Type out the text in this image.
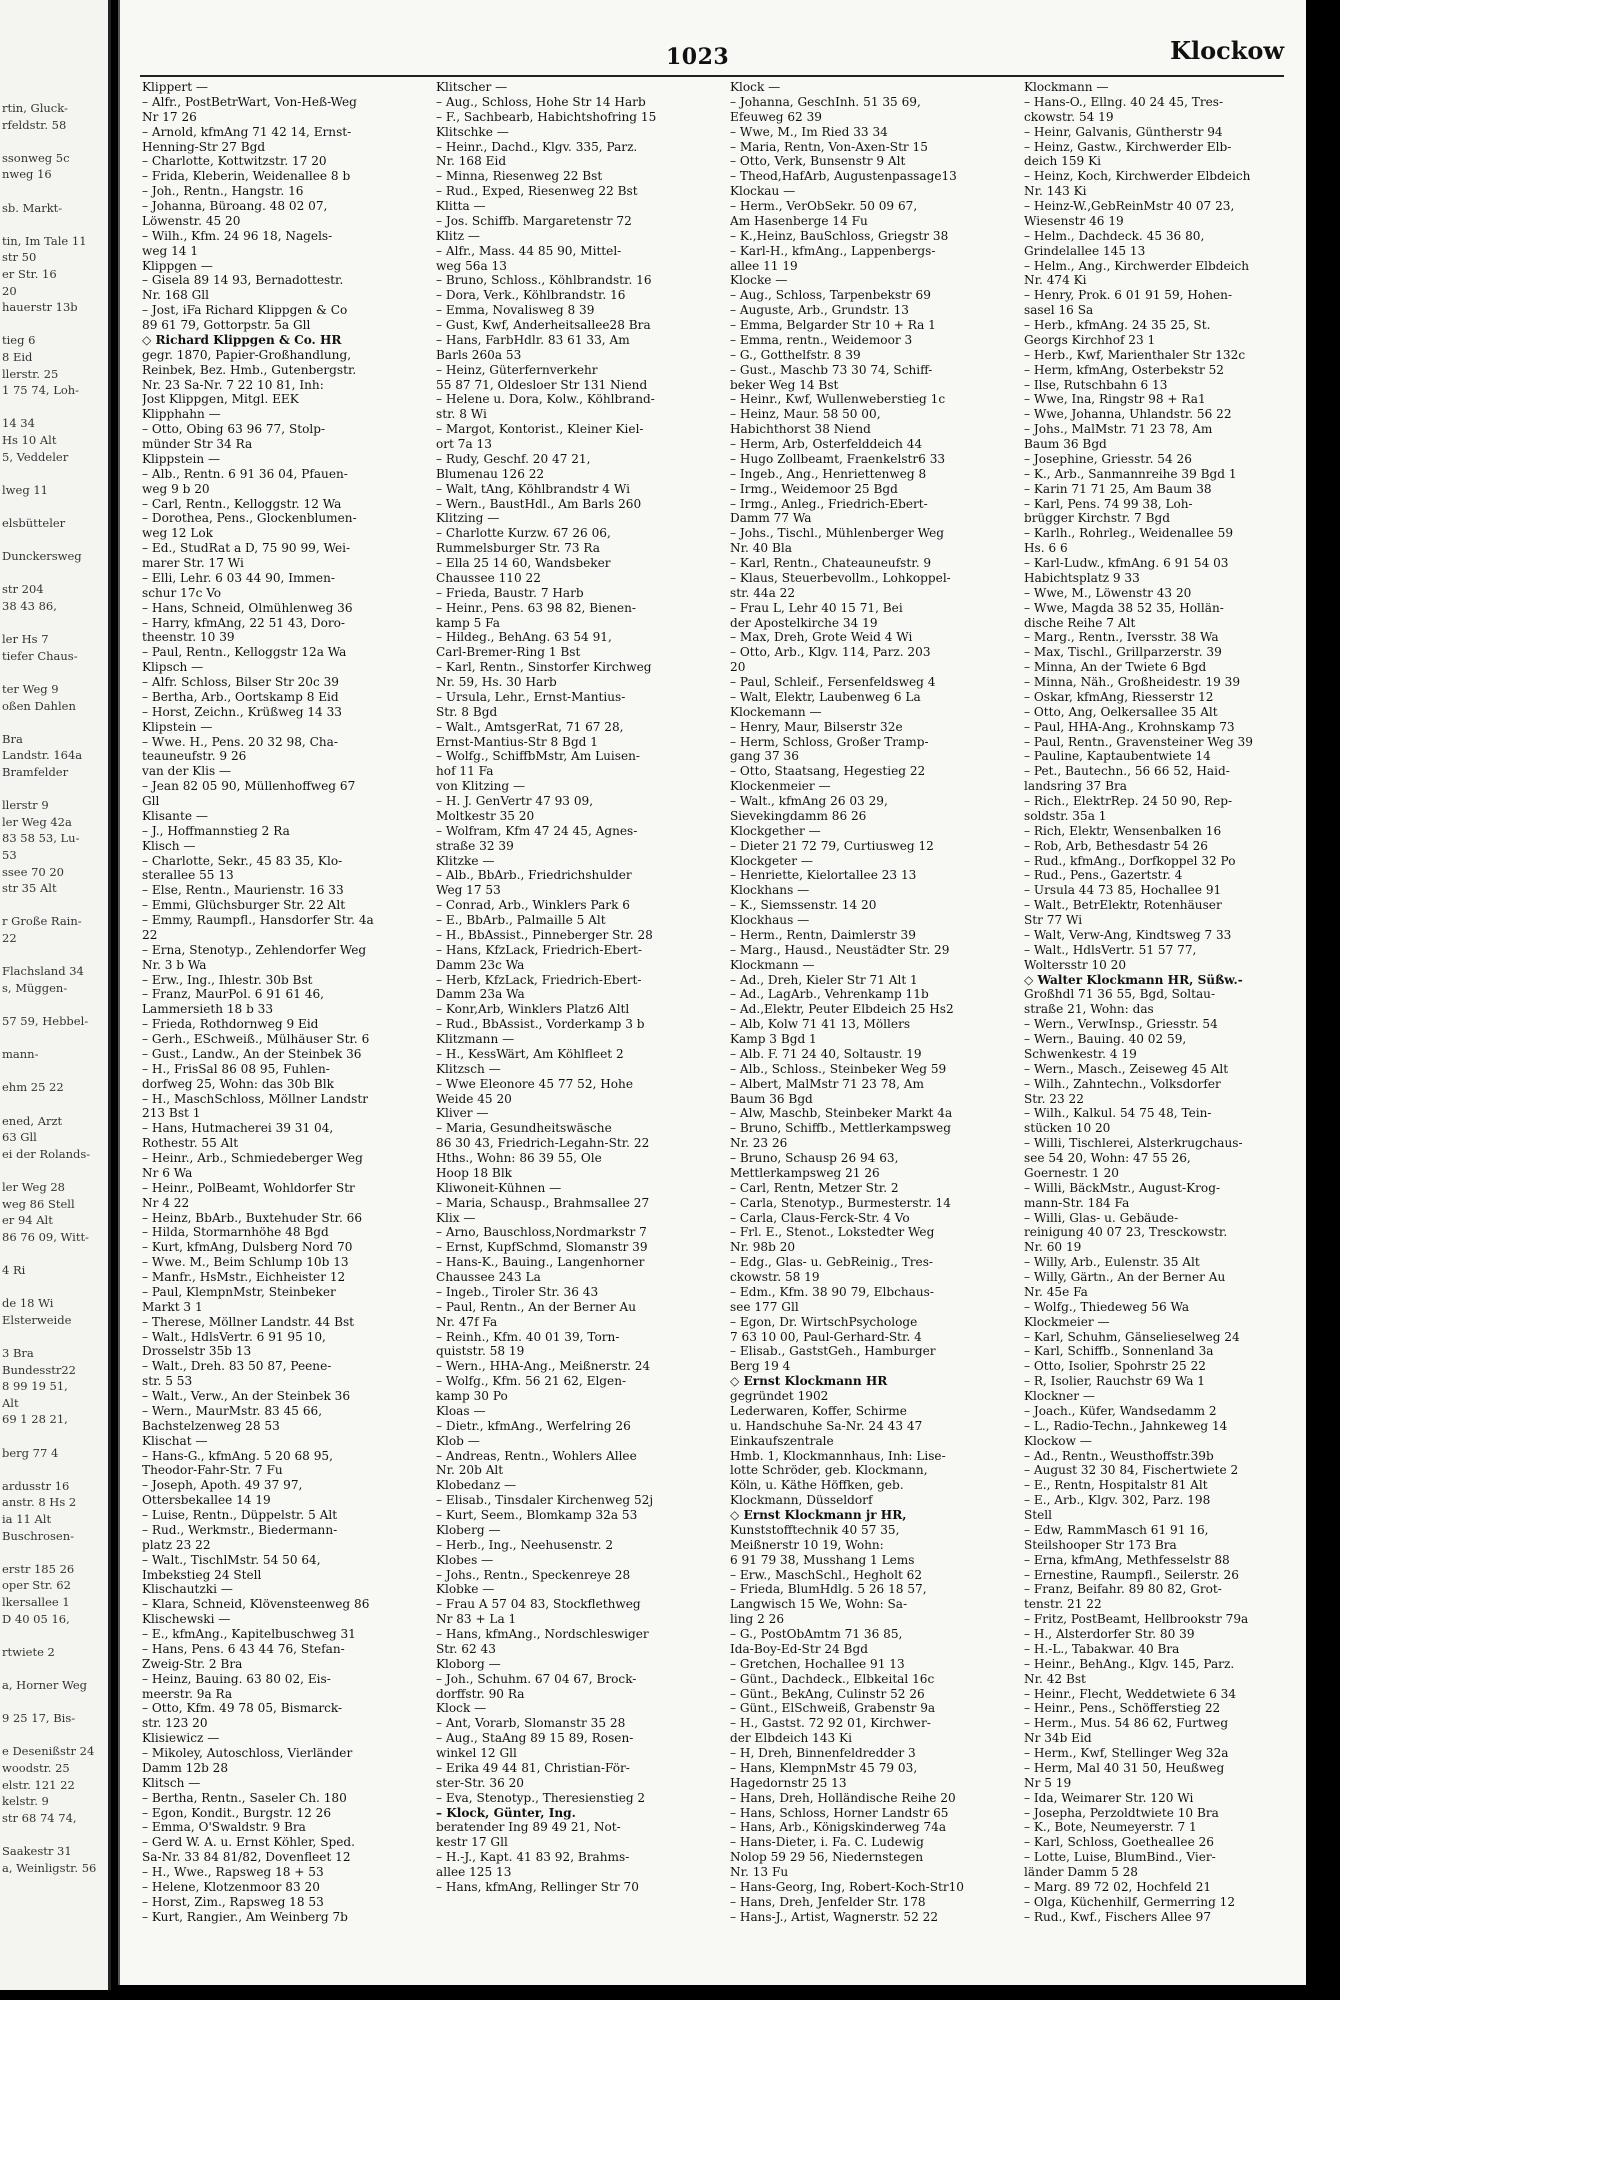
rtin, Gluck-
rfeldstr. 58
ssonweg 5c
nweg 16
sb. Markt-
tin, Im Tale 11
str 50
er Str. 16
20
hauerstr 13b
tieg 6
8 Eid
llerstr. 25
1 75 74, Loh-
14 34
Hs 10 Alt
5, Veddeler
lweg 11
elsbütteler
Dunckersweg
str 204
38 43 86,
ler Hs 7
tiefer Chaus-
ter Weg 9
oßen Dahlen
Bra
Landstr. 164a
Bramfelder
llerstr 9
ler Weg 42a
83 58 53, Lu-
53
ssee 70 20
str 35 Alt
r Große Rain-
22
Flachsland 34
s, Müggen-
57 59, Hebbel-
mann-
ehm 25 22
ened, Arzt
63 Gll
ei der Rolands-
ler Weg 28
weg 86 Stell
er 94 Alt
86 76 09, Witt-
4 Ri
de 18 Wi
Elsterweide
3 Bra
Bundesstr22
8 99 19 51,
Alt
69 1 28 21,
berg 77 4
ardusstr 16
anstr. 8 Hs 2
ia 11 Alt
Buschrosen-
erstr 185 26
oper Str. 62
lkersallee 1
D 40 05 16,
rtwiete 2
a, Horner Weg
9 25 17, Bis-
e Desenißstr 24
woodstr. 25
elstr. 121 22
kelstr. 9
str 68 74 74,
Saakestr 31
a, Weinligstr. 56
1023	Klockow
Klippert —
– Alfr., PostBetrWart, Von-Heß-Weg
Nr 17 26
– Arnold, kfmAng 71 42 14, Ernst-
Henning-Str 27 Bgd
– Charlotte, Kottwitzstr. 17 20
– Frida, Kleberin, Weidenallee 8 b
– Joh., Rentn., Hangstr. 16
– Johanna, Büroang. 48 02 07,
Löwenstr. 45 20
– Wilh., Kfm. 24 96 18, Nagels-
weg 14 1
Klippgen —
– Gisela 89 14 93, Bernadottestr.
Nr. 168 Gll
– Jost, iFa Richard Klippgen & Co
89 61 79, Gottorpstr. 5a Gll
◇ Richard Klippgen & Co. HR
gegr. 1870, Papier-Großhandlung,
Reinbek, Bez. Hmb., Gutenbergstr.
Nr. 23 Sa-Nr. 7 22 10 81, Inh:
Jost Klippgen, Mitgl. EEK
Klipphahn —
– Otto, Obing 63 96 77, Stolp-
münder Str 34 Ra
Klippstein —
– Alb., Rentn. 6 91 36 04, Pfauen-
weg 9 b 20
– Carl, Rentn., Kelloggstr. 12 Wa
– Dorothea, Pens., Glockenblumen-
weg 12 Lok
– Ed., StudRat a D, 75 90 99, Wei-
marer Str. 17 Wi
– Elli, Lehr. 6 03 44 90, Immen-
schur 17c Vo
– Hans, Schneid, Olmühlenweg 36
– Harry, kfmAng, 22 51 43, Doro-
theenstr. 10 39
– Paul, Rentn., Kelloggstr 12a Wa
Klipsch —
– Alfr. Schloss, Bilser Str 20c 39
– Bertha, Arb., Oortskamp 8 Eid
– Horst, Zeichn., Krüßweg 14 33
Klipstein —
– Wwe. H., Pens. 20 32 98, Cha-
teauneufstr. 9 26
van der Klis —
– Jean 82 05 90, Müllenhoffweg 67
Gll
Klisante —
– J., Hoffmannstieg 2 Ra
Klisch —
– Charlotte, Sekr., 45 83 35, Klo-
sterallee 55 13
– Else, Rentn., Maurienstr. 16 33
– Emmi, Glüchsburger Str. 22 Alt
– Emmy, Raumpfl., Hansdorfer Str. 4a
22
– Erna, Stenotyp., Zehlendorfer Weg
Nr. 3 b Wa
– Erw., Ing., Ihlestr. 30b Bst
– Franz, MaurPol. 6 91 61 46,
Lammersieth 18 b 33
– Frieda, Rothdornweg 9 Eid
– Gerh., ESchweiß., Mülhäuser Str. 6
– Gust., Landw., An der Steinbek 36
– H., FrisSal 86 08 95, Fuhlen-
dorfweg 25, Wohn: das 30b Blk
– H., MaschSchloss, Möllner Landstr
213 Bst 1
– Hans, Hutmacherei 39 31 04,
Rothestr. 55 Alt
– Heinr., Arb., Schmiedeberger Weg
Nr 6 Wa
– Heinr., PolBeamt, Wohldorfer Str
Nr 4 22
– Heinz, BbArb., Buxtehuder Str. 66
– Hilda, Stormarnhöhe 48 Bgd
– Kurt, kfmAng, Dulsberg Nord 70
– Wwe. M., Beim Schlump 10b 13
– Manfr., HsMstr., Eichheister 12
– Paul, KlempnMstr, Steinbeker
Markt 3 1
– Therese, Möllner Landstr. 44 Bst
– Walt., HdlsVertr. 6 91 95 10,
Drosselstr 35b 13
– Walt., Dreh. 83 50 87, Peene-
str. 5 53
– Walt., Verw., An der Steinbek 36
– Wern., MaurMstr. 83 45 66,
Bachstelzenweg 28 53
Klischat —
– Hans-G., kfmAng. 5 20 68 95,
Theodor-Fahr-Str. 7 Fu
– Joseph, Apoth. 49 37 97,
Ottersbekallee 14 19
– Luise, Rentn., Düppelstr. 5 Alt
– Rud., Werkmstr., Biedermann-
platz 23 22
– Walt., TischlMstr. 54 50 64,
Imbekstieg 24 Stell
Klischautzki —
– Klara, Schneid, Klövensteenweg 86
Klischewski —
– E., kfmAng., Kapitelbuschweg 31
– Hans, Pens. 6 43 44 76, Stefan-
Zweig-Str. 2 Bra
– Heinz, Bauing. 63 80 02, Eis-
meerstr. 9a Ra
– Otto, Kfm. 49 78 05, Bismarck-
str. 123 20
Klisiewicz —
– Mikoley, Autoschloss, Vierländer
Damm 12b 28
Klitsch —
– Bertha, Rentn., Saseler Ch. 180
– Egon, Kondit., Burgstr. 12 26
– Emma, O'Swaldstr. 9 Bra
– Gerd W. A. u. Ernst Köhler, Sped.
Sa-Nr. 33 84 81/82, Dovenfleet 12
– H., Wwe., Rapsweg 18 + 53
– Helene, Klotzenmoor 83 20
– Horst, Zim., Rapsweg 18 53
– Kurt, Rangier., Am Weinberg 7b
Klitscher —
– Aug., Schloss, Hohe Str 14 Harb
– F., Sachbearb, Habichtshofring 15
Klitschke —
– Heinr., Dachd., Klgv. 335, Parz.
Nr. 168 Eid
– Minna, Riesenweg 22 Bst
– Rud., Exped, Riesenweg 22 Bst
Klitta —
– Jos. Schiffb. Margaretenstr 72
Klitz —
– Alfr., Mass. 44 85 90, Mittel-
weg 56a 13
– Bruno, Schloss., Köhlbrandstr. 16
– Dora, Verk., Köhlbrandstr. 16
– Emma, Novalisweg 8 39
– Gust, Kwf, Anderheitsallee28 Bra
– Hans, FarbHdlr. 83 61 33, Am
Barls 260a 53
– Heinz, Güterfernverkehr
55 87 71, Oldesloer Str 131 Niend
– Helene u. Dora, Kolw., Köhlbrand-
str. 8 Wi
– Margot, Kontorist., Kleiner Kiel-
ort 7a 13
– Rudy, Geschf. 20 47 21,
Blumenau 126 22
– Walt, tAng, Köhlbrandstr 4 Wi
– Wern., BaustHdl., Am Barls 260
Klitzing —
– Charlotte Kurzw. 67 26 06,
Rummelsburger Str. 73 Ra
– Ella 25 14 60, Wandsbeker
Chaussee 110 22
– Frieda, Baustr. 7 Harb
– Heinr., Pens. 63 98 82, Bienen-
kamp 5 Fa
– Hildeg., BehAng. 63 54 91,
Carl-Bremer-Ring 1 Bst
– Karl, Rentn., Sinstorfer Kirchweg
Nr. 59, Hs. 30 Harb
– Ursula, Lehr., Ernst-Mantius-
Str. 8 Bgd
– Walt., AmtsgerRat, 71 67 28,
Ernst-Mantius-Str 8 Bgd 1
– Wolfg., SchiffbMstr, Am Luisen-
hof 11 Fa
von Klitzing —
– H. J. GenVertr 47 93 09,
Moltkestr 35 20
– Wolfram, Kfm 47 24 45, Agnes-
straße 32 39
Klitzke —
– Alb., BbArb., Friedrichshulder
Weg 17 53
– Conrad, Arb., Winklers Park 6
– E., BbArb., Palmaille 5 Alt
– H., BbAssist., Pinneberger Str. 28
– Hans, KfzLack, Friedrich-Ebert-
Damm 23c Wa
– Herb, KfzLack, Friedrich-Ebert-
Damm 23a Wa
– Konr,Arb, Winklers Platz6 Altl
– Rud., BbAssist., Vorderkamp 3 b
Klitzmann —
– H., KessWärt, Am Köhlfleet 2
Klitzsch —
– Wwe Eleonore 45 77 52, Hohe
Weide 45 20
Kliver —
– Maria, Gesundheitswäsche
86 30 43, Friedrich-Legahn-Str. 22
Hths., Wohn: 86 39 55, Ole
Hoop 18 Blk
Kliwoneit-Kühnen —
– Maria, Schausp., Brahmsallee 27
Klix —
– Arno, Bauschloss,Nordmarkstr 7
– Ernst, KupfSchmd, Slomanstr 39
– Hans-K., Bauing., Langenhorner
Chaussee 243 La
– Ingeb., Tiroler Str. 36 43
– Paul, Rentn., An der Berner Au
Nr. 47f Fa
– Reinh., Kfm. 40 01 39, Torn-
quiststr. 58 19
– Wern., HHA-Ang., Meißnerstr. 24
– Wolfg., Kfm. 56 21 62, Elgen-
kamp 30 Po
Kloas —
– Dietr., kfmAng., Werfelring 26
Klob —
– Andreas, Rentn., Wohlers Allee
Nr. 20b Alt
Klobedanz —
– Elisab., Tinsdaler Kirchenweg 52j
– Kurt, Seem., Blomkamp 32a 53
Kloberg —
– Herb., Ing., Neehusenstr. 2
Klobes —
– Johs., Rentn., Speckenreye 28
Klobke —
– Frau A 57 04 83, Stockflethweg
Nr 83 + La 1
– Hans, kfmAng., Nordschleswiger
Str. 62 43
Kloborg —
– Joh., Schuhm. 67 04 67, Brock-
dorffstr. 90 Ra
Klock —
– Ant, Vorarb, Slomanstr 35 28
– Aug., StaAng 89 15 89, Rosen-
winkel 12 Gll
– Erika 49 44 81, Christian-För-
ster-Str. 36 20
– Eva, Stenotyp., Theresienstieg 2
– Klock, Günter, Ing.
beratender Ing 89 49 21, Not-
kestr 17 Gll
– H.-J., Kapt. 41 83 92, Brahms-
allee 125 13
– Hans, kfmAng, Rellinger Str 70
Klock —
– Johanna, GeschInh. 51 35 69,
Efeuweg 62 39
– Wwe, M., Im Ried 33 34
– Maria, Rentn, Von-Axen-Str 15
– Otto, Verk, Bunsenstr 9 Alt
– Theod,HafArb, Augustenpassage13
Klockau —
– Herm., VerObSekr. 50 09 67,
Am Hasenberge 14 Fu
– K.,Heinz, BauSchloss, Griegstr 38
– Karl-H., kfmAng., Lappenbergs-
allee 11 19
Klocke —
– Aug., Schloss, Tarpenbekstr 69
– Auguste, Arb., Grundstr. 13
– Emma, Belgarder Str 10 + Ra 1
– Emma, rentn., Weidemoor 3
– G., Gotthelfstr. 8 39
– Gust., Maschb 73 30 74, Schiff-
beker Weg 14 Bst
– Heinr., Kwf, Wullenweberstieg 1c
– Heinz, Maur. 58 50 00,
Habichthorst 38 Niend
– Herm, Arb, Osterfelddeich 44
– Hugo Zollbeamt, Fraenkelstr6 33
– Ingeb., Ang., Henriettenweg 8
– Irmg., Weidemoor 25 Bgd
– Irmg., Anleg., Friedrich-Ebert-
Damm 77 Wa
– Johs., Tischl., Mühlenberger Weg
Nr. 40 Bla
– Karl, Rentn., Chateauneufstr. 9
– Klaus, Steuerbevollm., Lohkoppel-
str. 44a 22
– Frau L, Lehr 40 15 71, Bei
der Apostelkirche 34 19
– Max, Dreh, Grote Weid 4 Wi
– Otto, Arb., Klgv. 114, Parz. 203
20
– Paul, Schleif., Fersenfeldsweg 4
– Walt, Elektr, Laubenweg 6 La
Klockemann —
– Henry, Maur, Bilserstr 32e
– Herm, Schloss, Großer Tramp-
gang 37 36
– Otto, Staatsang, Hegestieg 22
Klockenmeier —
– Walt., kfmAng 26 03 29,
Sievekingdamm 86 26
Klockgether —
– Dieter 21 72 79, Curtiusweg 12
Klockgeter —
– Henriette, Kielortallee 23 13
Klockhans —
– K., Siemssenstr. 14 20
Klockhaus —
– Herm., Rentn, Daimlerstr 39
– Marg., Hausd., Neustädter Str. 29
Klockmann —
– Ad., Dreh, Kieler Str 71 Alt 1
– Ad., LagArb., Vehrenkamp 11b
– Ad.,Elektr, Peuter Elbdeich 25 Hs2
– Alb, Kolw 71 41 13, Möllers
Kamp 3 Bgd 1
– Alb. F. 71 24 40, Soltaustr. 19
– Alb., Schloss., Steinbeker Weg 59
– Albert, MalMstr 71 23 78, Am
Baum 36 Bgd
– Alw, Maschb, Steinbeker Markt 4a
– Bruno, Schiffb., Mettlerkampsweg
Nr. 23 26
– Bruno, Schausp 26 94 63,
Mettlerkampsweg 21 26
– Carl, Rentn, Metzer Str. 2
– Carla, Stenotyp., Burmesterstr. 14
– Carla, Claus-Ferck-Str. 4 Vo
– Frl. E., Stenot., Lokstedter Weg
Nr. 98b 20
– Edg., Glas- u. GebReinig., Tres-
ckowstr. 58 19
– Edm., Kfm. 38 90 79, Elbchaus-
see 177 Gll
– Egon, Dr. WirtschPsychologe
7 63 10 00, Paul-Gerhard-Str. 4
– Elisab., GaststGeh., Hamburger
Berg 19 4
◇ Ernst Klockmann HR
gegründet 1902
Lederwaren, Koffer, Schirme
u. Handschuhe Sa-Nr. 24 43 47
Einkaufszentrale
Hmb. 1, Klockmannhaus, Inh: Lise-
lotte Schröder, geb. Klockmann,
Köln, u. Käthe Höffken, geb.
Klockmann, Düsseldorf
◇ Ernst Klockmann jr HR,
Kunststofftechnik 40 57 35,
Meißnerstr 10 19, Wohn:
6 91 79 38, Musshang 1 Lems
– Erw., MaschSchl., Hegholt 62
– Frieda, BlumHdlg. 5 26 18 57,
Langwisch 15 We, Wohn: Sa-
ling 2 26
– G., PostObAmtm 71 36 85,
Ida-Boy-Ed-Str 24 Bgd
– Gretchen, Hochallee 91 13
– Günt., Dachdeck., Elbkeital 16c
– Günt., BekAng, Culinstr 52 26
– Günt., ElSchweiß, Grabenstr 9a
– H., Gastst. 72 92 01, Kirchwer-
der Elbdeich 143 Ki
– H, Dreh, Binnenfeldredder 3
– Hans, KlempnMstr 45 79 03,
Hagedornstr 25 13
– Hans, Dreh, Holländische Reihe 20
– Hans, Schloss, Horner Landstr 65
– Hans, Arb., Königskinderweg 74a
– Hans-Dieter, i. Fa. C. Ludewig
Nolop 59 29 56, Niedernstegen
Nr. 13 Fu
– Hans-Georg, Ing, Robert-Koch-Str10
– Hans, Dreh, Jenfelder Str. 178
– Hans-J., Artist, Wagnerstr. 52 22
Klockmann —
– Hans-O., Ellng. 40 24 45, Tres-
ckowstr. 54 19
– Heinr, Galvanis, Güntherstr 94
– Heinz, Gastw., Kirchwerder Elb-
deich 159 Ki
– Heinz, Koch, Kirchwerder Elbdeich
Nr. 143 Ki
– Heinz-W.,GebReinMstr 40 07 23,
Wiesenstr 46 19
– Helm., Dachdeck. 45 36 80,
Grindelallee 145 13
– Helm., Ang., Kirchwerder Elbdeich
Nr. 474 Ki
– Henry, Prok. 6 01 91 59, Hohen-
sasel 16 Sa
– Herb., kfmAng. 24 35 25, St.
Georgs Kirchhof 23 1
– Herb., Kwf, Marienthaler Str 132c
– Herm, kfmAng, Osterbekstr 52
– Ilse, Rutschbahn 6 13
– Wwe, Ina, Ringstr 98 + Ra1
– Wwe, Johanna, Uhlandstr. 56 22
– Johs., MalMstr. 71 23 78, Am
Baum 36 Bgd
– Josephine, Griesstr. 54 26
– K., Arb., Sanmannreihe 39 Bgd 1
– Karin 71 71 25, Am Baum 38
– Karl, Pens. 74 99 38, Loh-
brügger Kirchstr. 7 Bgd
– Karlh., Rohrleg., Weidenallee 59
Hs. 6 6
– Karl-Ludw., kfmAng. 6 91 54 03
Habichtsplatz 9 33
– Wwe, M., Löwenstr 43 20
– Wwe, Magda 38 52 35, Hollän-
dische Reihe 7 Alt
– Marg., Rentn., Iversstr. 38 Wa
– Max, Tischl., Grillparzerstr. 39
– Minna, An der Twiete 6 Bgd
– Minna, Näh., Großheidestr. 19 39
– Oskar, kfmAng, Riesserstr 12
– Otto, Ang, Oelkersallee 35 Alt
– Paul, HHA-Ang., Krohnskamp 73
– Paul, Rentn., Gravensteiner Weg 39
– Pauline, Kaptaubentwiete 14
– Pet., Bautechn., 56 66 52, Haid-
landsring 37 Bra
– Rich., ElektrRep. 24 50 90, Rep-
soldstr. 35a 1
– Rich, Elektr, Wensenbalken 16
– Rob, Arb, Bethesdastr 54 26
– Rud., kfmAng., Dorfkoppel 32 Po
– Rud., Pens., Gazertstr. 4
– Ursula 44 73 85, Hochallee 91
– Walt., BetrElektr, Rotenhäuser
Str 77 Wi
– Walt, Verw-Ang, Kindtsweg 7 33
– Walt., HdlsVertr. 51 57 77,
Woltersstr 10 20
◇ Walter Klockmann HR, Süßw.-
Großhdl 71 36 55, Bgd, Soltau-
straße 21, Wohn: das
– Wern., VerwInsp., Griesstr. 54
– Wern., Bauing. 40 02 59,
Schwenkestr. 4 19
– Wern., Masch., Zeiseweg 45 Alt
– Wilh., Zahntechn., Volksdorfer
Str. 23 22
– Wilh., Kalkul. 54 75 48, Tein-
stücken 10 20
– Willi, Tischlerei, Alsterkrugchaus-
see 54 20, Wohn: 47 55 26,
Goernestr. 1 20
– Willi, BäckMstr., August-Krog-
mann-Str. 184 Fa
– Willi, Glas- u. Gebäude-
reinigung 40 07 23, Tresckowstr.
Nr. 60 19
– Willy, Arb., Eulenstr. 35 Alt
– Willy, Gärtn., An der Berner Au
Nr. 45e Fa
– Wolfg., Thiedeweg 56 Wa
Klockmeier —
– Karl, Schuhm, Gänselieselweg 24
– Karl, Schiffb., Sonnenland 3a
– Otto, Isolier, Spohrstr 25 22
– R, Isolier, Rauchstr 69 Wa 1
Klockner —
– Joach., Küfer, Wandsedamm 2
– L., Radio-Techn., Jahnkeweg 14
Klockow —
– Ad., Rentn., Weusthoffstr.39b
– August 32 30 84, Fischertwiete 2
– E., Rentn, Hospitalstr 81 Alt
– E., Arb., Klgv. 302, Parz. 198
Stell
– Edw, RammMasch 61 91 16,
Steilshooper Str 173 Bra
– Erna, kfmAng, Methfesselstr 88
– Ernestine, Raumpfl., Seilerstr. 26
– Franz, Beifahr. 89 80 82, Grot-
tenstr. 21 22
– Fritz, PostBeamt, Hellbrookstr 79a
– H., Alsterdorfer Str. 80 39
– H.-L., Tabakwar. 40 Bra
– Heinr., BehAng., Klgv. 145, Parz.
Nr. 42 Bst
– Heinr., Flecht, Weddetwiete 6 34
– Heinr., Pens., Schöfferstieg 22
– Herm., Mus. 54 86 62, Furtweg
Nr 34b Eid
– Herm., Kwf, Stellinger Weg 32a
– Herm, Mal 40 31 50, Heußweg
Nr 5 19
– Ida, Weimarer Str. 120 Wi
– Josepha, Perzoldtwiete 10 Bra
– K., Bote, Neumeyerstr. 7 1
– Karl, Schloss, Goetheallee 26
– Lotte, Luise, BlumBind., Vier-
länder Damm 5 28
– Marg. 89 72 02, Hochfeld 21
– Olga, Küchenhilf, Germerring 12
– Rud., Kwf., Fischers Allee 97
